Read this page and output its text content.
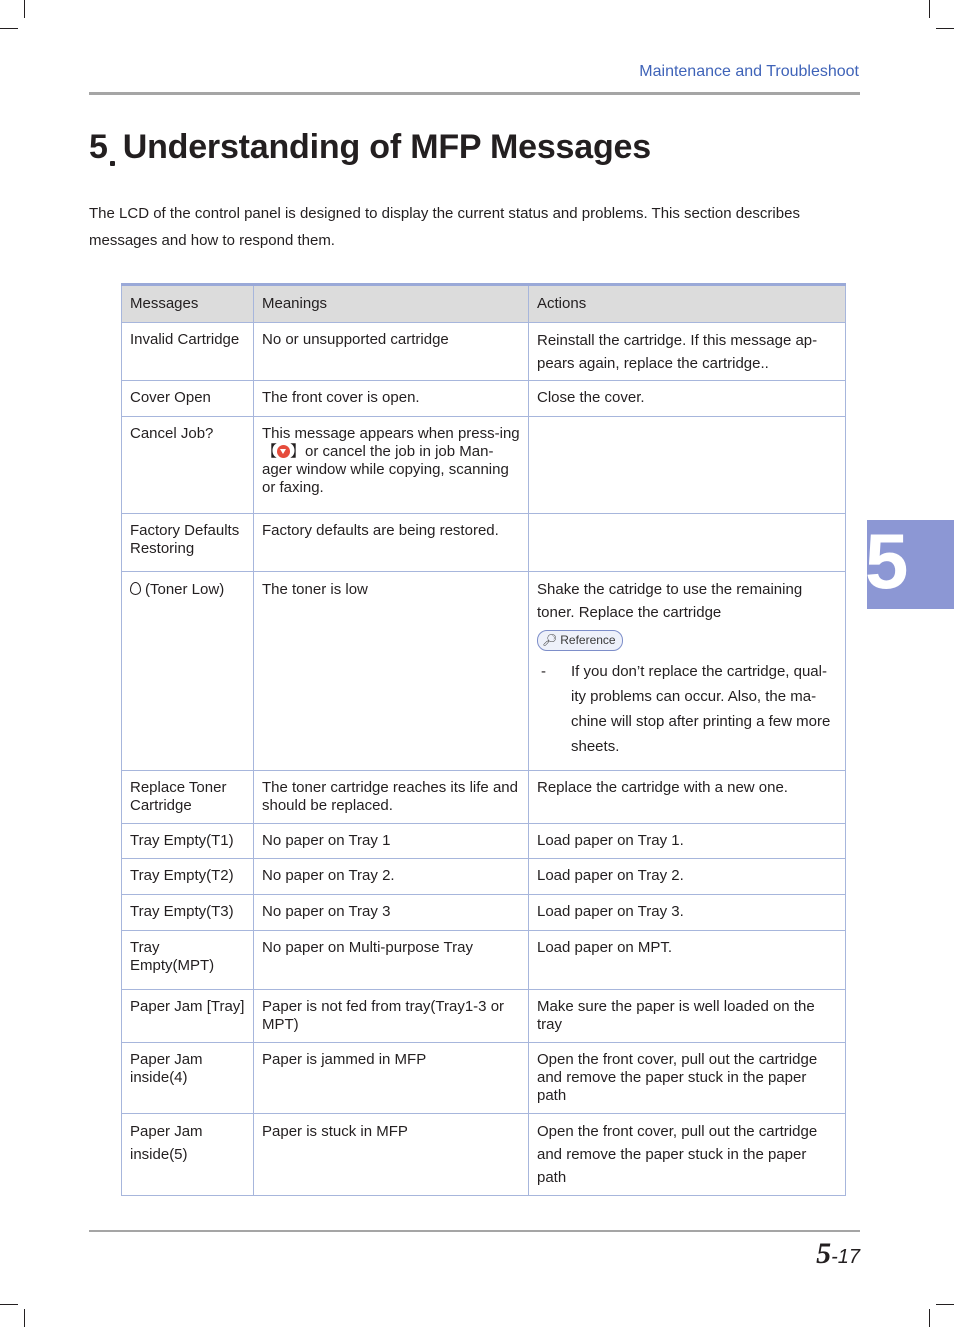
Maintenance and Troubleshoot
5 Understanding of MFP Messages
The LCD of the control panel is designed to display the current status and problems. This section describes messages and how to respond them.
5
Messages	Meanings	Actions
Invalid Cartridge	No or unsupported cartridge	Reinstall the cartridge. If this message ap-pears again, replace the cartridge..
Cover Open	The front cover is open.	Close the cover.
Cancel Job?	This message appears when press-ing【 】or cancel the job in job Man-ager window while copying, scanning or faxing.	
Factory Defaults Restoring	Factory defaults are being restored.	
(Toner Low)	The toner is low	Shake the catridge to use the remaining toner. Replace the cartridge
🔎︎ Reference
- If you don’t replace the cartridge, qual-ity problems can occur. Also, the ma-chine will stop after printing a few more sheets.

Replace Toner Cartridge	The toner cartridge reaches its life and should be replaced.	Replace the cartridge with a new one.
Tray Empty(T1)	No paper on Tray 1	Load paper on Tray 1.
Tray Empty(T2)	No paper on Tray 2.	Load paper on Tray 2.
Tray Empty(T3)	No paper on Tray 3	Load paper on Tray 3.
Tray Empty(MPT)	No paper on Multi-purpose Tray	Load paper on MPT.
Paper Jam [Tray]	Paper is not fed from tray(Tray1-3 or MPT)	Make sure the paper is well loaded on the tray
Paper Jam inside(4)	Paper is jammed in MFP	Open the front cover, pull out the cartridge and remove the paper stuck in the paper path
Paper Jam inside(5)	Paper is stuck in MFP	Open the front cover, pull out the cartridge and remove the paper stuck in the paper path
5-17
